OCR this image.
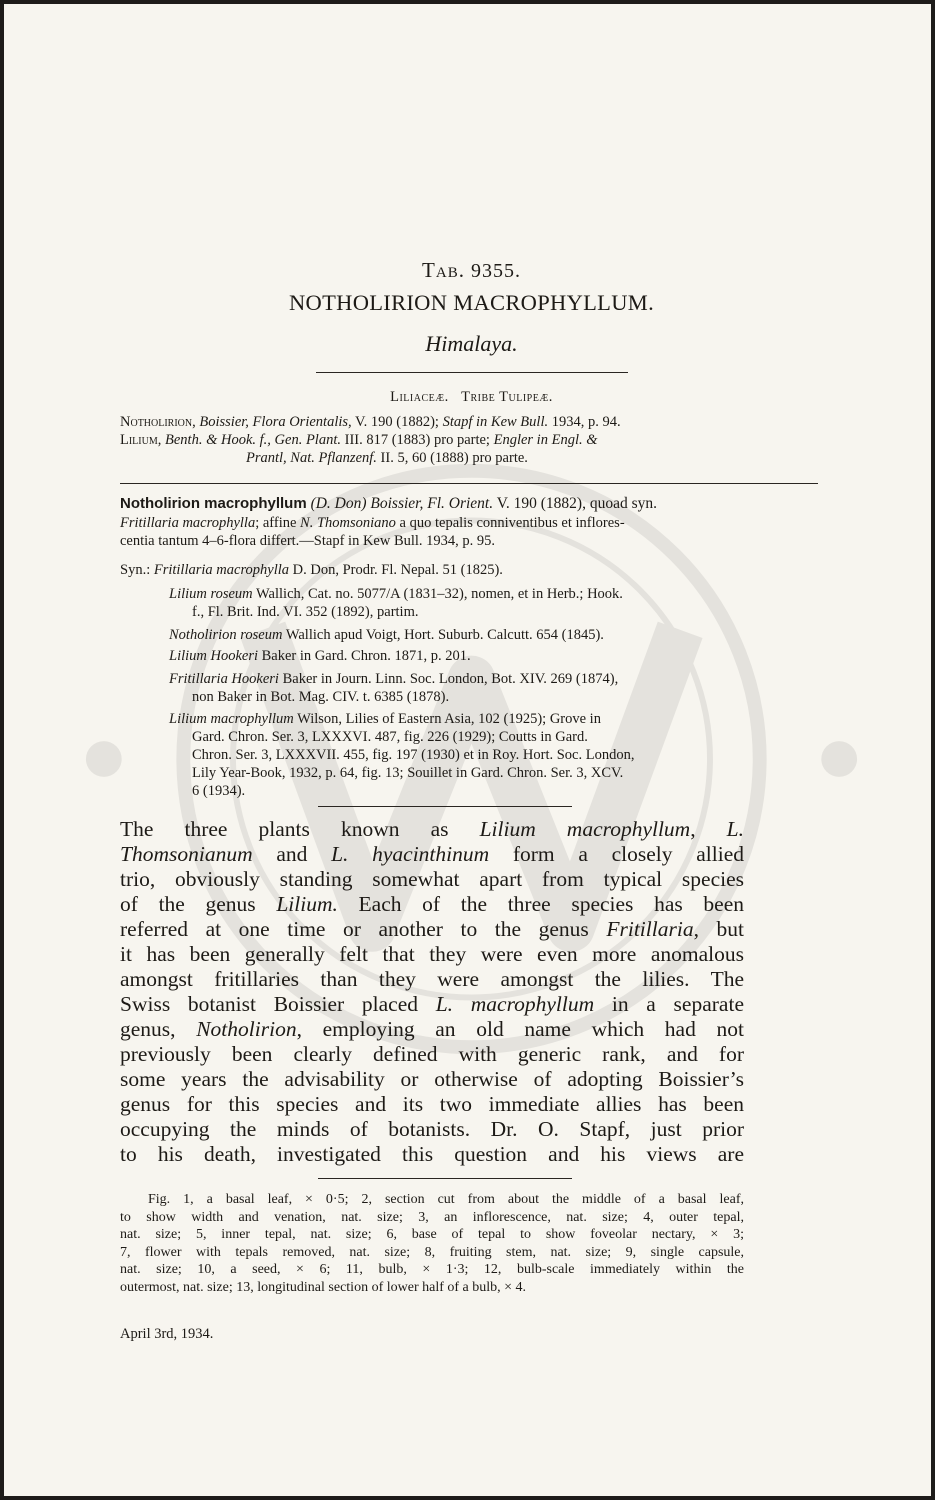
Tab. 9355.
NOTHOLIRION MACROPHYLLUM.
Himalaya.
Liliaceæ. Tribe Tulipeæ.
Notholirion, Boissier, Flora Orientalis, V. 190 (1882); Stapf in Kew Bull. 1934, p. 94.
Lilium, Benth. & Hook. f., Gen. Plant. III. 817 (1883) pro parte; Engler in Engl. &
Prantl, Nat. Pflanzenf. II. 5, 60 (1888) pro parte.
Notholirion macrophyllum (D. Don) Boissier, Fl. Orient. V. 190 (1882), quoad syn.
Fritillaria macrophylla; affine N. Thomsoniano a quo tepalis conniventibus et inflores-
centia tantum 4–6-flora differt.—Stapf in Kew Bull. 1934, p. 95.
Syn.: Fritillaria macrophylla D. Don, Prodr. Fl. Nepal. 51 (1825).
Lilium roseum Wallich, Cat. no. 5077/A (1831–32), nomen, et in Herb.; Hook.
f., Fl. Brit. Ind. VI. 352 (1892), partim.
Notholirion roseum Wallich apud Voigt, Hort. Suburb. Calcutt. 654 (1845).
Lilium Hookeri Baker in Gard. Chron. 1871, p. 201.
Fritillaria Hookeri Baker in Journ. Linn. Soc. London, Bot. XIV. 269 (1874),
non Baker in Bot. Mag. CIV. t. 6385 (1878).
Lilium macrophyllum Wilson, Lilies of Eastern Asia, 102 (1925); Grove in
Gard. Chron. Ser. 3, LXXXVI. 487, fig. 226 (1929); Coutts in Gard.
Chron. Ser. 3, LXXXVII. 455, fig. 197 (1930) et in Roy. Hort. Soc. London,
Lily Year-Book, 1932, p. 64, fig. 13; Souillet in Gard. Chron. Ser. 3, XCV.
6 (1934).
The three plants known as Lilium macrophyllum, L.
Thomsonianum and L. hyacinthinum form a closely allied
trio, obviously standing somewhat apart from typical species
of the genus Lilium. Each of the three species has been
referred at one time or another to the genus Fritillaria, but
it has been generally felt that they were even more anomalous
amongst fritillaries than they were amongst the lilies. The
Swiss botanist Boissier placed L. macrophyllum in a separate
genus, Notholirion, employing an old name which had not
previously been clearly defined with generic rank, and for
some years the advisability or otherwise of adopting Boissier’s
genus for this species and its two immediate allies has been
occupying the minds of botanists. Dr. O. Stapf, just prior
to his death, investigated this question and his views are
Fig. 1, a basal leaf, × 0·5; 2, section cut from about the middle of a basal leaf,
to show width and venation, nat. size; 3, an inflorescence, nat. size; 4, outer tepal,
nat. size; 5, inner tepal, nat. size; 6, base of tepal to show foveolar nectary, × 3;
7, flower with tepals removed, nat. size; 8, fruiting stem, nat. size; 9, single capsule,
nat. size; 10, a seed, × 6; 11, bulb, × 1·3; 12, bulb-scale immediately within the
outermost, nat. size; 13, longitudinal section of lower half of a bulb, × 4.
April 3rd, 1934.
